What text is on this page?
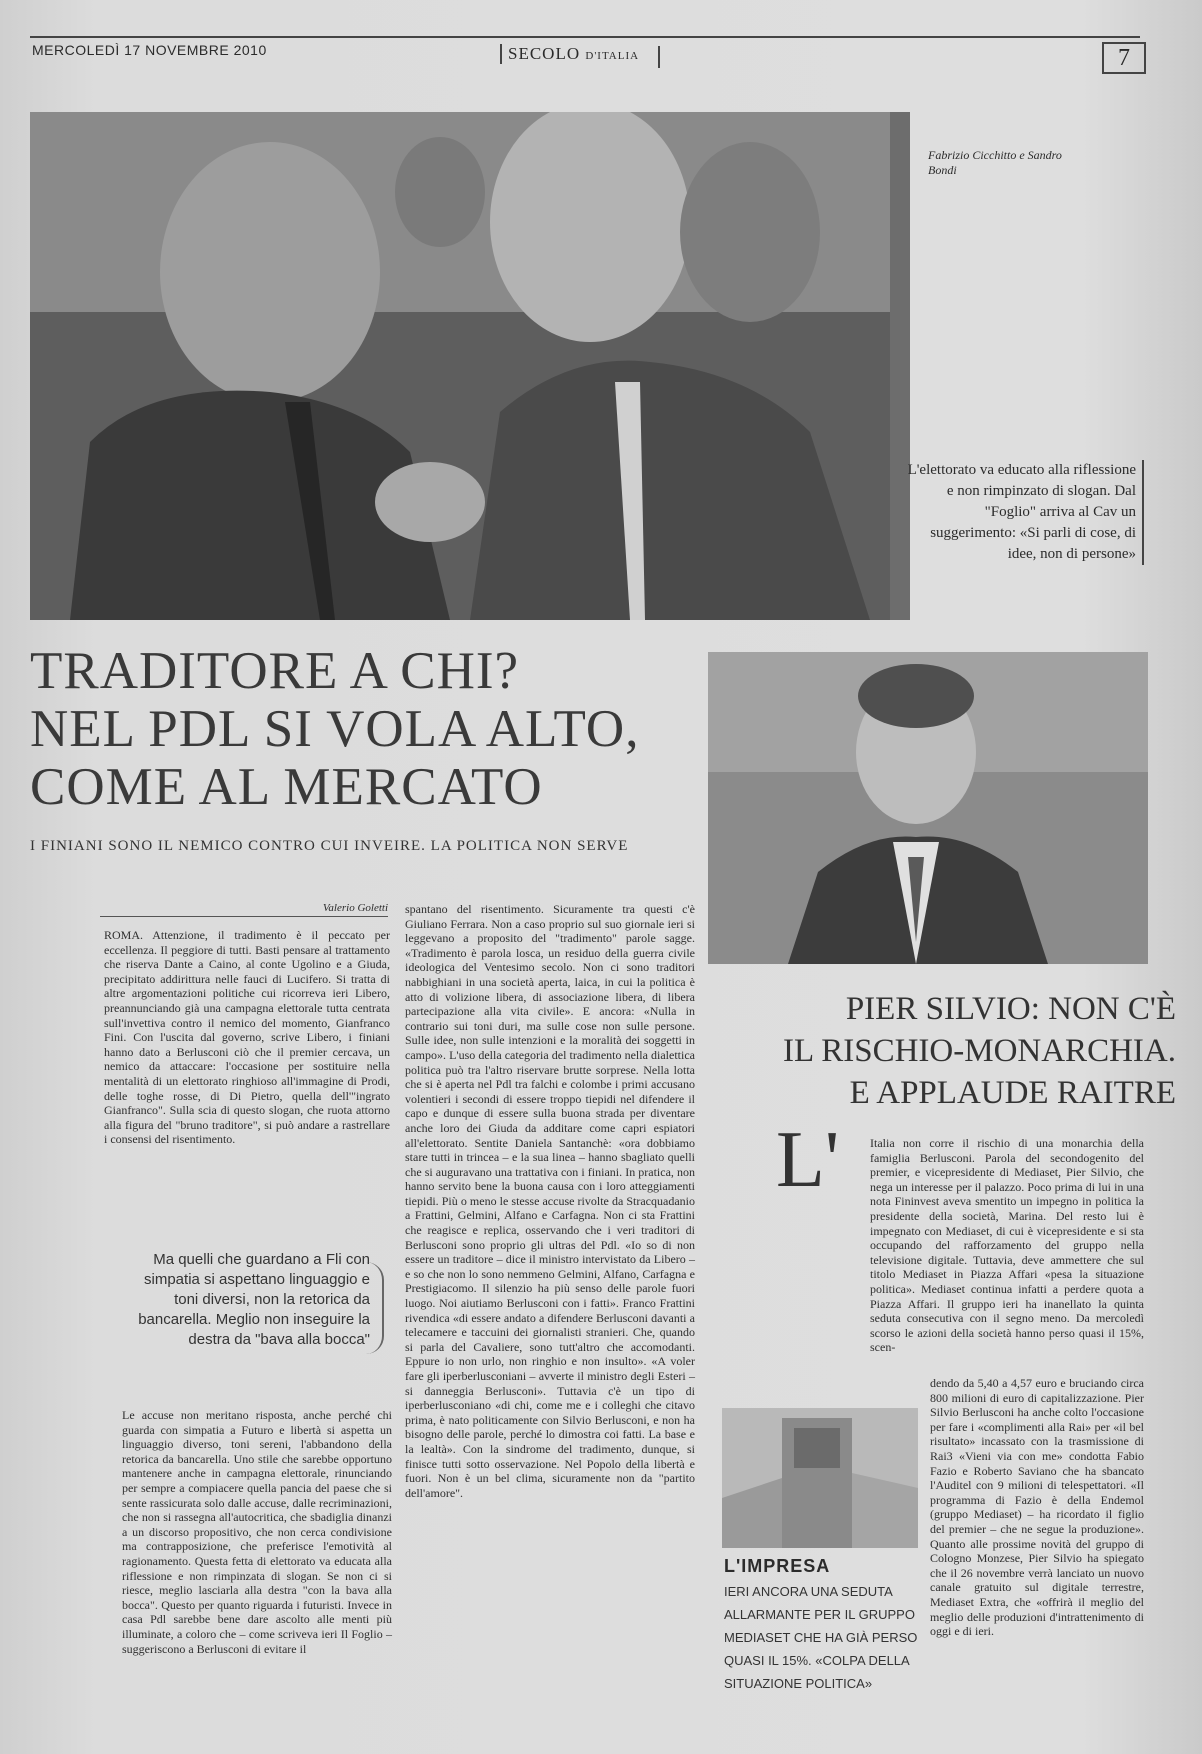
MERCOLEDÌ 17 NOVEMBRE 2010	SECOLO D'ITALIA	7
Fabrizio Cicchitto e Sandro Bondi
L'elettorato va educato alla riflessione e non rimpinzato di slogan. Dal "Foglio" arriva al Cav un suggerimento: «Si parli di cose, di idee, non di persone»
TRADITORE A CHI?
NEL PDL SI VOLA ALTO,
COME AL MERCATO
I FINIANI SONO IL NEMICO CONTRO CUI INVEIRE. LA POLITICA NON SERVE
Valerio Goletti
ROMA. Attenzione, il tradimento è il peccato per eccellenza. Il peggiore di tutti. Basti pensare al trattamento che riserva Dante a Caino, al conte Ugolino e a Giuda, precipitato addirittura nelle fauci di Lucifero. Si tratta di altre argomentazioni politiche cui ricorreva ieri Libero, preannunciando già una campagna elettorale tutta centrata sull'invettiva contro il nemico del momento, Gianfranco Fini. Con l'uscita dal governo, scrive Libero, i finiani hanno dato a Berlusconi ciò che il premier cercava, un nemico da attaccare: l'occasione per sostituire nella mentalità di un elettorato ringhioso all'immagine di Prodi, delle toghe rosse, di Di Pietro, quella dell'"ingrato Gianfranco". Sulla scia di questo slogan, che ruota attorno alla figura del "bruno traditore", si può andare a rastrellare i consensi del risentimento.
Ma quelli che guardano a Fli con simpatia si aspettano linguaggio e toni diversi, non la retorica da bancarella. Meglio non inseguire la destra da "bava alla bocca"
Le accuse non meritano risposta, anche perché chi guarda con simpatia a Futuro e libertà si aspetta un linguaggio diverso, toni sereni, l'abbandono della retorica da bancarella. Uno stile che sarebbe opportuno mantenere anche in campagna elettorale, rinunciando per sempre a compiacere quella pancia del paese che si sente rassicurata solo dalle accuse, dalle recriminazioni, che non si rassegna all'autocritica, che sbadiglia dinanzi a un discorso propositivo, che non cerca condivisione ma contrapposizione, che preferisce l'emotività al ragionamento. Questa fetta di elettorato va educata alla riflessione e non rimpinzata di slogan. Se non ci si riesce, meglio lasciarla alla destra "con la bava alla bocca". Questo per quanto riguarda i futuristi. Invece in casa Pdl sarebbe bene dare ascolto alle menti più illuminate, a coloro che – come scriveva ieri Il Foglio – suggeriscono a Berlusconi di evitare il
spantano del risentimento. Sicuramente tra questi c'è Giuliano Ferrara. Non a caso proprio sul suo giornale ieri si leggevano a proposito del "tradimento" parole sagge. «Tradimento è parola losca, un residuo della guerra civile ideologica del Ventesimo secolo. Non ci sono traditori nabbighiani in una società aperta, laica, in cui la politica è atto di volizione libera, di associazione libera, di libera partecipazione alla vita civile». E ancora: «Nulla in contrario sui toni duri, ma sulle cose non sulle persone. Sulle idee, non sulle intenzioni e la moralità dei soggetti in campo». L'uso della categoria del tradimento nella dialettica politica può tra l'altro riservare brutte sorprese. Nella lotta che si è aperta nel Pdl tra falchi e colombe i primi accusano volentieri i secondi di essere troppo tiepidi nel difendere il capo e dunque di essere sulla buona strada per diventare anche loro dei Giuda da additare come capri espiatori all'elettorato. Sentite Daniela Santanchè: «ora dobbiamo stare tutti in trincea – e la sua linea – hanno sbagliato quelli che si auguravano una trattativa con i finiani. In pratica, non hanno servito bene la buona causa con i loro atteggiamenti tiepidi. Più o meno le stesse accuse rivolte da Stracquadanio a Frattini, Gelmini, Alfano e Carfagna. Non ci sta Frattini che reagisce e replica, osservando che i veri traditori di Berlusconi sono proprio gli ultras del Pdl. «Io so di non essere un traditore – dice il ministro intervistato da Libero – e so che non lo sono nemmeno Gelmini, Alfano, Carfagna e Prestigiacomo. Il silenzio ha più senso delle parole fuori luogo. Noi aiutiamo Berlusconi con i fatti». Franco Frattini rivendica «di essere andato a difendere Berlusconi davanti a telecamere e taccuini dei giornalisti stranieri. Che, quando si parla del Cavaliere, sono tutt'altro che accomodanti. Eppure io non urlo, non ringhio e non insulto». «A voler fare gli iperberlusconiani – avverte il ministro degli Esteri – si danneggia Berlusconi». Tuttavia c'è un tipo di iperberlusconiano «di chi, come me e i colleghi che citavo prima, è nato politicamente con Silvio Berlusconi, e non ha bisogno delle parole, perché lo dimostra coi fatti. La base e la lealtà». Con la sindrome del tradimento, dunque, si finisce tutti sotto osservazione. Nel Popolo della libertà e fuori. Non è un bel clima, sicuramente non da "partito dell'amore".
PIER SILVIO: NON C'È
IL RISCHIO-MONARCHIA.
E APPLAUDE RAITRE
L'	Italia non corre il rischio di una monarchia della famiglia Berlusconi. Parola del secondogenito del premier, e vicepresidente di Mediaset, Pier Silvio, che nega un interesse per il palazzo. Poco prima di lui in una nota Fininvest aveva smentito un impegno in politica la presidente della società, Marina. Del resto lui è impegnato con Mediaset, di cui è vicepresidente e si sta occupando del rafforzamento del gruppo nella televisione digitale. Tuttavia, deve ammettere che sul titolo Mediaset in Piazza Affari «pesa la situazione politica». Mediaset continua infatti a perdere quota a Piazza Affari. Il gruppo ieri ha inanellato la quinta seduta consecutiva con il segno meno. Da mercoledì scorso le azioni della società hanno perso quasi il 15%, scen-
dendo da 5,40 a 4,57 euro e bruciando circa 800 milioni di euro di capitalizzazione. Pier Silvio Berlusconi ha anche colto l'occasione per fare i «complimenti alla Rai» per «il bel risultato» incassato con la trasmissione di Rai3 «Vieni via con me» condotta Fabio Fazio e Roberto Saviano che ha sbancato l'Auditel con 9 milioni di telespettatori. «Il programma di Fazio è della Endemol (gruppo Mediaset) – ha ricordato il figlio del premier – che ne segue la produzione». Quanto alle prossime novità del gruppo di Cologno Monzese, Pier Silvio ha spiegato che il 26 novembre verrà lanciato un nuovo canale gratuito sul digitale terrestre, Mediaset Extra, che «offrirà il meglio del meglio delle produzioni d'intrattenimento di oggi e di ieri.
L'IMPRESA
IERI ANCORA UNA SEDUTA ALLARMANTE PER IL GRUPPO MEDIASET CHE HA GIÀ PERSO QUASI IL 15%. «COLPA DELLA SITUAZIONE POLITICA»
